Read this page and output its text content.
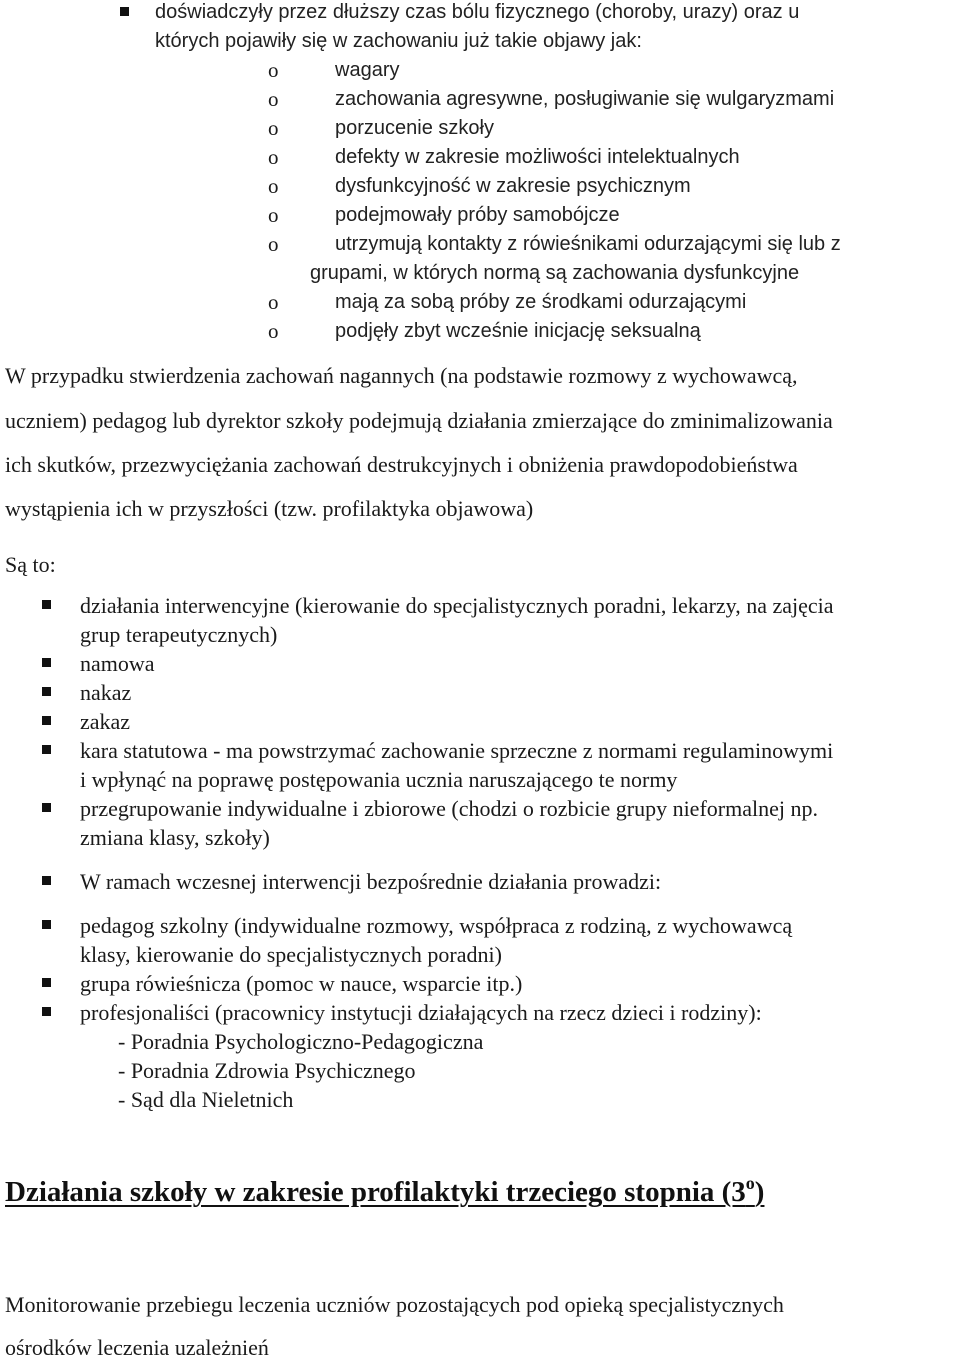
doświadczyły przez dłuższy czas bólu fizycznego (choroby, urazy) oraz u
których pojawiły się w zachowaniu już takie objawy jak:
o	wagary
o	zachowania agresywne, posługiwanie się wulgaryzmami
o	porzucenie szkoły
o	defekty w zakresie możliwości intelektualnych
o	dysfunkcyjność w zakresie psychicznym
o	podejmowały próby samobójcze
o	utrzymują kontakty z rówieśnikami odurzającymi się lub z
grupami, w których normą są zachowania dysfunkcyjne
o	mają za sobą próby ze środkami odurzającymi
o	podjęły zbyt wcześnie inicjację seksualną
W przypadku stwierdzenia zachowań nagannych (na podstawie rozmowy z wychowawcą,
uczniem) pedagog lub dyrektor szkoły podejmują działania zmierzające do zminimalizowania
ich skutków, przezwyciężania zachowań destrukcyjnych i obniżenia prawdopodobieństwa
wystąpienia ich w przyszłości (tzw. profilaktyka objawowa)
Są to:
działania interwencyjne (kierowanie do specjalistycznych poradni, lekarzy, na zajęcia
grup terapeutycznych)
namowa
nakaz
zakaz
kara statutowa - ma powstrzymać zachowanie sprzeczne z normami regulaminowymi
i wpłynąć na poprawę postępowania ucznia naruszającego te normy
przegrupowanie indywidualne i zbiorowe (chodzi o rozbicie grupy nieformalnej np.
zmiana klasy, szkoły)
W ramach wczesnej interwencji bezpośrednie działania prowadzi:
pedagog szkolny (indywidualne rozmowy, współpraca z rodziną, z wychowawcą
klasy, kierowanie do specjalistycznych poradni)
grupa rówieśnicza (pomoc w nauce, wsparcie itp.)
profesjonaliści (pracownicy instytucji działających na rzecz dzieci i rodziny):
- Poradnia Psychologiczno-Pedagogiczna
- Poradnia Zdrowia Psychicznego
- Sąd dla Nieletnich
Działania szkoły w zakresie profilaktyki trzeciego stopnia (3$^o$)
Monitorowanie przebiegu leczenia uczniów pozostających pod opieką specjalistycznych
ośrodków leczenia uzależnień
